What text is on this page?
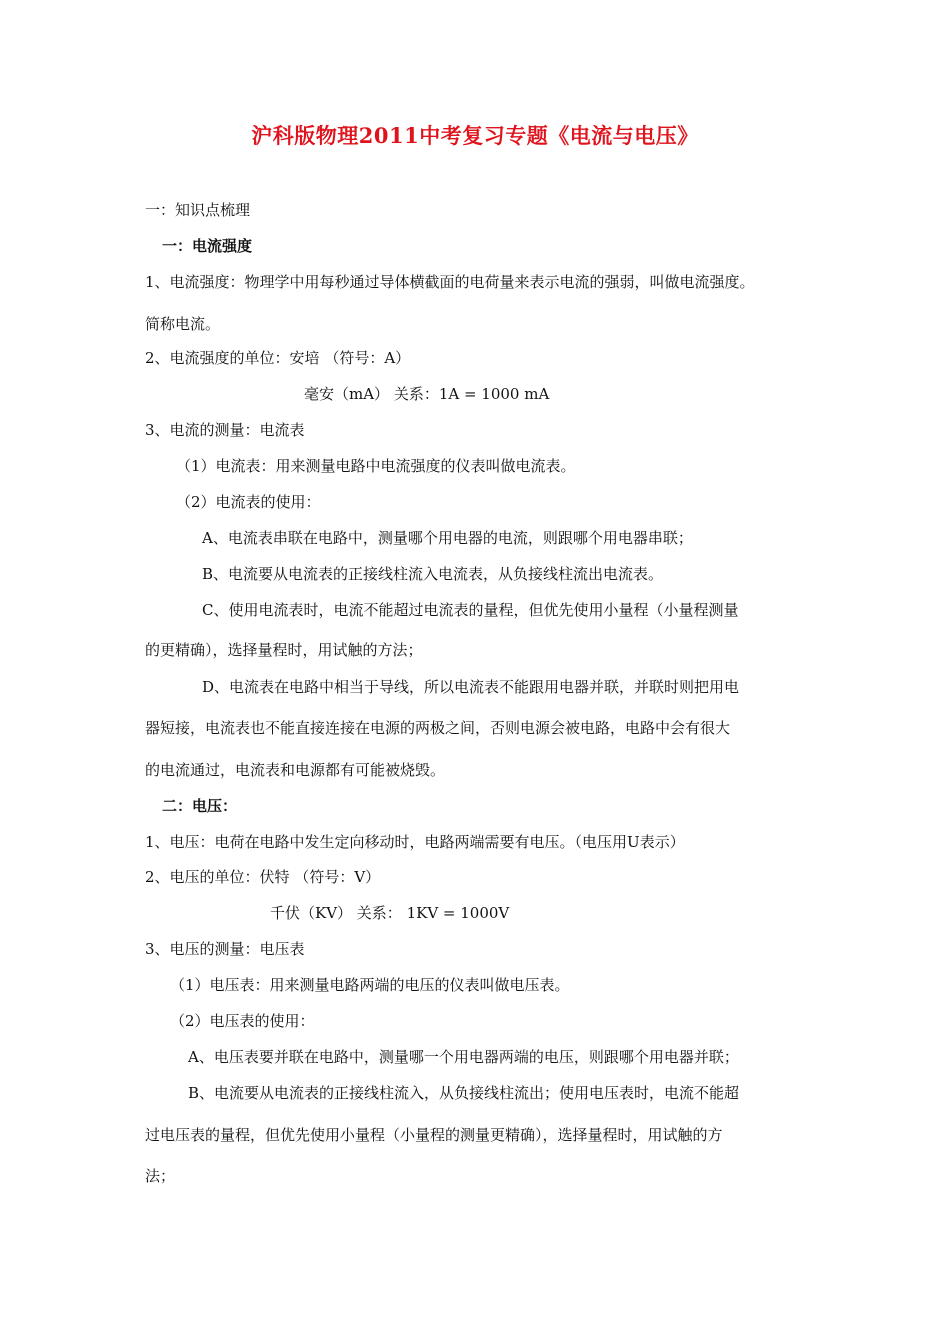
沪科版物理2011中考复习专题《电流与电压》
一：知识点梳理
一：电流强度
1、电流强度：物理学中用每秒通过导体横截面的电荷量来表示电流的强弱，叫做电流强度。
简称电流。
2、电流强度的单位：安培 （符号：A）
毫安（mA） 关系：1A = 1000 mA
3、电流的测量：电流表
（1）电流表：用来测量电路中电流强度的仪表叫做电流表。
（2）电流表的使用：
A、电流表串联在电路中，测量哪个用电器的电流，则跟哪个用电器串联；
B、电流要从电流表的正接线柱流入电流表，从负接线柱流出电流表。
C、使用电流表时，电流不能超过电流表的量程，但优先使用小量程（小量程测量
的更精确），选择量程时，用试触的方法；
D、电流表在电路中相当于导线，所以电流表不能跟用电器并联，并联时则把用电
器短接，电流表也不能直接连接在电源的两极之间，否则电源会被电路，电路中会有很大
的电流通过，电流表和电源都有可能被烧毁。
二：电压：
1、电压：电荷在电路中发生定向移动时，电路两端需要有电压。（电压用U表示）
2、电压的单位：伏特 （符号：V）
千伏（KV） 关系： 1KV = 1000V
3、电压的测量：电压表
（1）电压表：用来测量电路两端的电压的仪表叫做电压表。
（2）电压表的使用：
A、电压表要并联在电路中，测量哪一个用电器两端的电压，则跟哪个用电器并联；
B、电流要从电流表的正接线柱流入，从负接线柱流出；使用电压表时，电流不能超
过电压表的量程，但优先使用小量程（小量程的测量更精确），选择量程时，用试触的方
法；
